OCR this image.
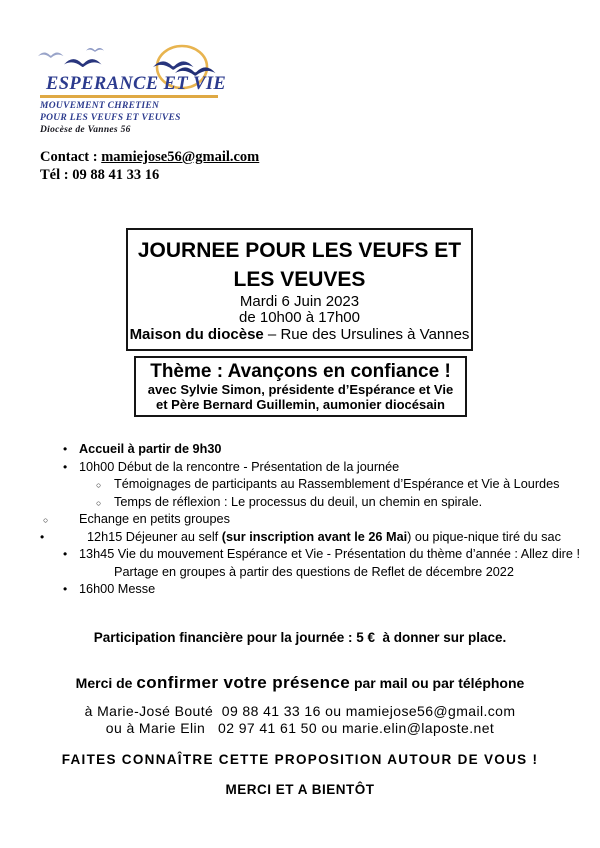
ESPERANCE ET VIE
MOUVEMENT CHRETIEN
POUR LES VEUFS ET VEUVES
Diocèse de Vannes 56
Contact : mamiejose56@gmail.com
Tél : 09 88 41 33 16
JOURNEE POUR LES VEUFS ET
LES VEUVES
Mardi 6 Juin 2023
de 10h00 à 17h00
Maison du diocèse – Rue des Ursulines à Vannes
Thème : Avançons en confiance !
avec Sylvie Simon, présidente d’Espérance et Vie
et Père Bernard Guillemin, aumonier diocésain
• Accueil à partir de 9h30
• 10h00 Début de la rencontre - Présentation de la journée
○ Témoignages de participants au Rassemblement d’Espérance et Vie à Lourdes
○ Temps de réflexion : Le processus du deuil, un chemin en spirale.
○ Echange en petits groupes
•	12h15 Déjeuner au self (sur inscription avant le 26 Mai) ou pique-nique tiré du sac
• 13h45 Vie du mouvement Espérance et Vie - Présentation du thème d’année : Allez dire !
Partage en groupes à partir des questions de Reflet de décembre 2022
• 16h00 Messe
Participation financière pour la journée : 5 €  à donner sur place.
Merci de confirmer votre présence par mail ou par téléphone
à Marie-José Bouté  09 88 41 33 16 ou mamiejose56@gmail.com
ou à Marie Elin   02 97 41 61 50 ou marie.elin@laposte.net
FAITES CONNAÎTRE CETTE PROPOSITION AUTOUR DE VOUS !
MERCI ET A BIENTÔT
